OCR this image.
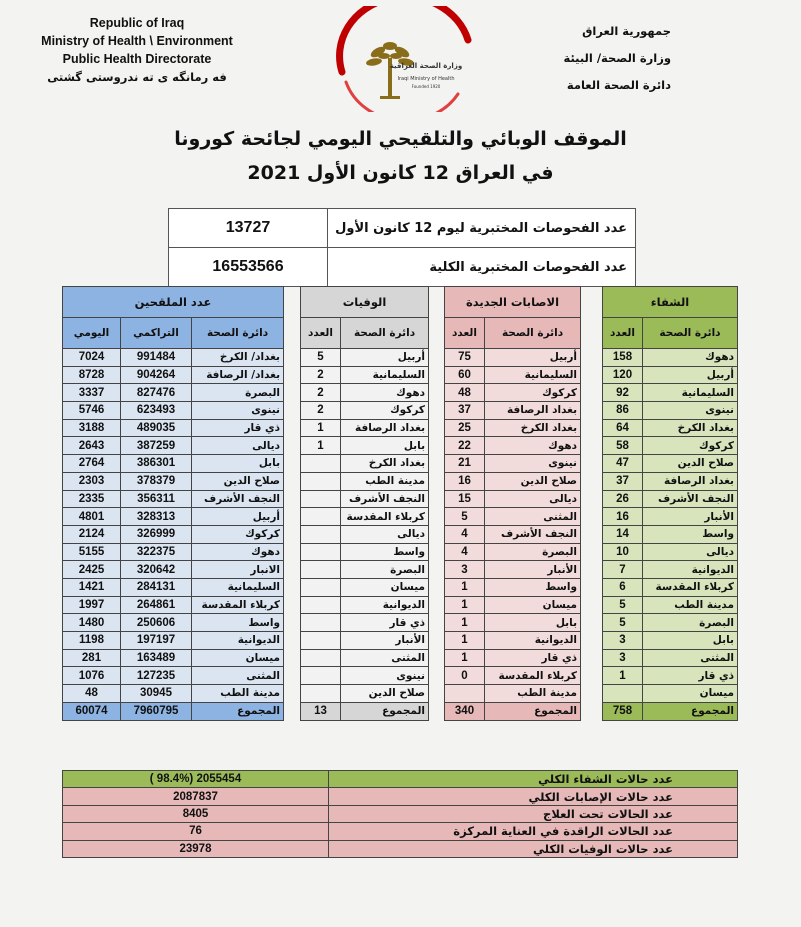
Republic of Iraq
Ministry of Health \ Environment
Public Health Directorate
فه رمانگه ی ته ندروستی گشتی
جمهورية العراق
وزارة الصحة/ البيئة
دائرة الصحة العامة
وزارة الصحة العراقية
Iraqi Ministry of Health
Founded 1920
الموقف الوبائي والتلقيحي اليومي لجائحة كورونا
في العراق 12 كانون الأول 2021
13727	عدد الفحوصات المختبرية ليوم 12 كانون الأول
16553566	عدد الفحوصات المختبرية الكلية
عدد الملقحين		
اليومي	التراكمي	دائرة الصحة
7024	991484	بغداد/ الكرخ
8728	904264	بغداد/ الرصافة
3337	827476	البصرة
5746	623493	نينوى
3188	489035	ذي قار
2643	387259	ديالى
2764	386301	بابل
2303	378379	صلاح الدين
2335	356311	النجف الأشرف
4801	328313	أربيل
2124	326999	كركوك
5155	322375	دهوك
2425	320642	الانبار
1421	284131	السليمانية
1997	264861	كربلاء المقدسة
1480	250606	واسط
1198	197197	الديوانية
281	163489	ميسان
1076	127235	المثنى
48	30945	مدينة الطب
60074	7960795	المجموع
الوفيات	
العدد	دائرة الصحة
5	أربيل
2	السليمانية
2	دهوك
2	كركوك
1	بغداد الرصافة
1	بابل
	بغداد الكرخ
	مدينة الطب
	النجف الأشرف
	كربلاء المقدسة
	ديالى
	واسط
	البصرة
	ميسان
	الديوانية
	ذي قار
	الأنبار
	المثنى
	نينوى
	صلاح الدين
13	المجموع
الاصابات الجديدة	
العدد	دائرة الصحة
75	أربيل
60	السليمانية
48	كركوك
37	بغداد الرصافة
25	بغداد الكرخ
22	دهوك
21	نينوى
16	صلاح الدين
15	ديالى
5	المثنى
4	النجف الأشرف
4	البصرة
3	الأنبار
1	واسط
1	ميسان
1	بابل
1	الديوانية
1	ذي قار
0	كربلاء المقدسة
	مدينة الطب
340	المجموع
الشفاء	
العدد	دائرة الصحة
158	دهوك
120	أربيل
92	السليمانية
86	نينوى
64	بغداد الكرخ
58	كركوك
47	صلاح الدين
37	بغداد الرصافة
26	النجف الأشرف
16	الأنبار
14	واسط
10	ديالى
7	الديوانية
6	كربلاء المقدسة
5	مدينة الطب
5	البصرة
3	بابل
3	المثنى
1	ذي قار
	ميسان
758	المجموع
( 98.4%) 2055454	عدد حالات الشفاء الكلي
2087837	عدد حالات الإصابات الكلي
8405	عدد الحالات تحت العلاج
76	عدد الحالات الراقدة في العناية المركزة
23978	عدد حالات الوفيات الكلي
